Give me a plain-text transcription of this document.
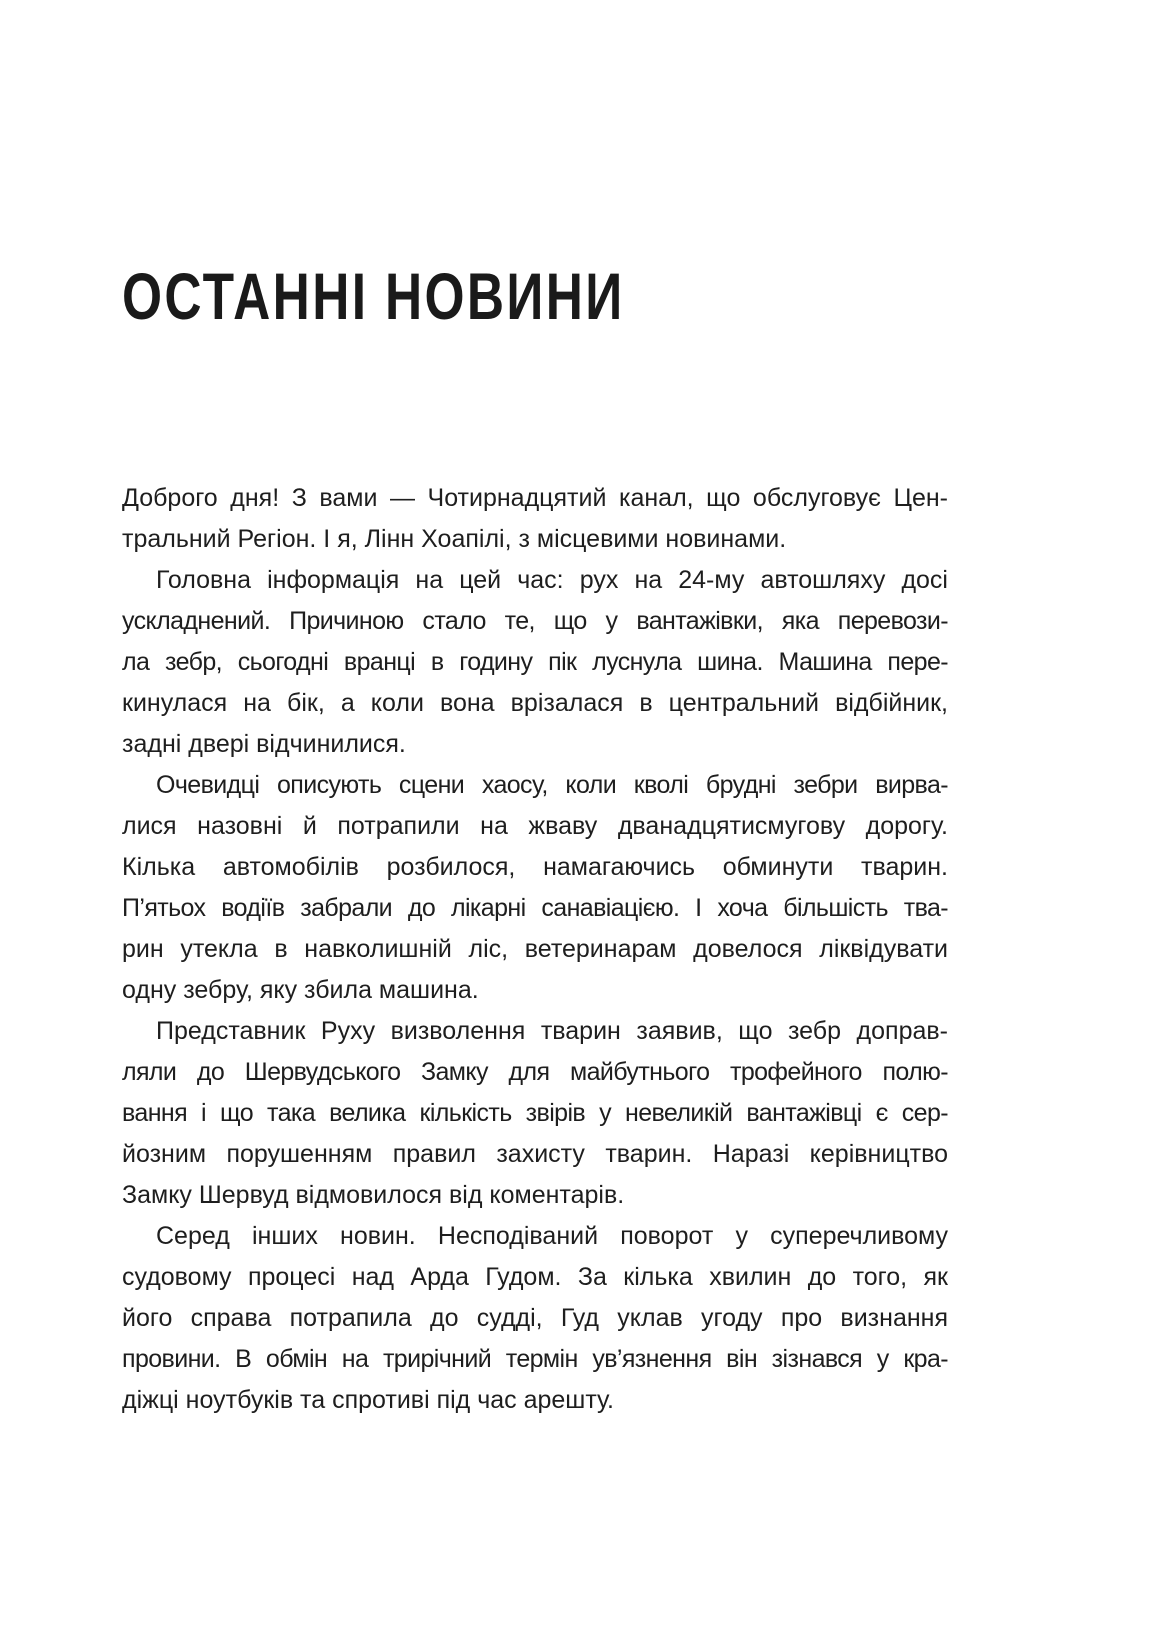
ОСТАННІ НОВИНИ

Доброго дня! З вами — Чотирнадцятий канал, що обслуговує Цен-

тральний Регіон. І я, Лінн Хоапілі, з місцевими новинами.

Головна інформація на цей час: рух на 24-му автошляху досі

ускладнений. Причиною стало те, що у вантажівки, яка перевози-

ла зебр, сьогодні вранці в годину пік луснула шина. Машина пере-

кинулася на бік, а коли вона врізалася в центральний відбійник,

задні двері відчинилися.

Очевидці описують сцени хаосу, коли кволі брудні зебри вирва-

лися назовні й потрапили на жваву дванадцятисмугову дорогу.

Кілька автомобілів розбилося, намагаючись обминути тварин.

П’ятьох водіїв забрали до лікарні санавіацією. І хоча більшість тва-

рин утекла в навколишній ліс, ветеринарам довелося ліквідувати

одну зебру, яку збила машина.

Представник Руху визволення тварин заявив, що зебр доправ-

ляли до Шервудського Замку для майбутнього трофейного полю-

вання і що така велика кількість звірів у невеликій вантажівці є сер-

йозним порушенням правил захисту тварин. Наразі керівництво

Замку Шервуд відмовилося від коментарів.

Серед інших новин. Несподіваний поворот у суперечливому

судовому процесі над Арда Гудом. За кілька хвилин до того, як

його справа потрапила до судді, Гуд уклав угоду про визнання

провини. В обмін на трирічний термін ув’язнення він зізнався у кра-

діжці ноутбуків та спротиві під час арешту.
